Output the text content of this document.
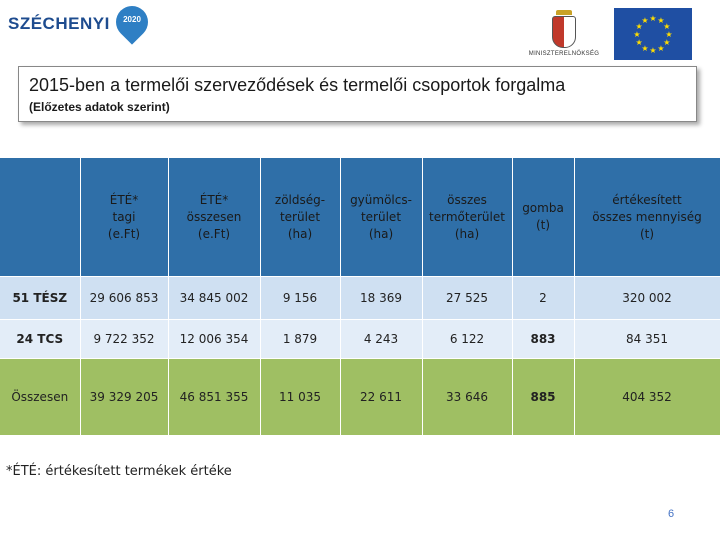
SZÉCHENYI	2020
MINISZTERELNÖKSÉG
★
★
★
★
★
★
★
★
★ ★ ★
★
2015-ben a termelői szerveződések és termelői csoportok forgalma
(Előzetes adatok szerint)
	ÉTÉ*
tagi
(e.Ft)	ÉTÉ*
összesen
(e.Ft)	zöldség-
terület
(ha)	gyümölcs-
terület
(ha)	összes
termőterület
(ha)	gomba
(t)	értékesített
összes mennyiség
(t)
51 TÉSZ	29 606 853	34 845 002	9 156	18 369	27 525	2	320 002
24 TCS	9 722 352	12 006 354	1 879	4 243	6 122	883	84 351
Összesen	39 329 205	46 851 355	11 035	22 611	33 646	885	404 352
*ÉTÉ: értékesített termékek értéke
6
